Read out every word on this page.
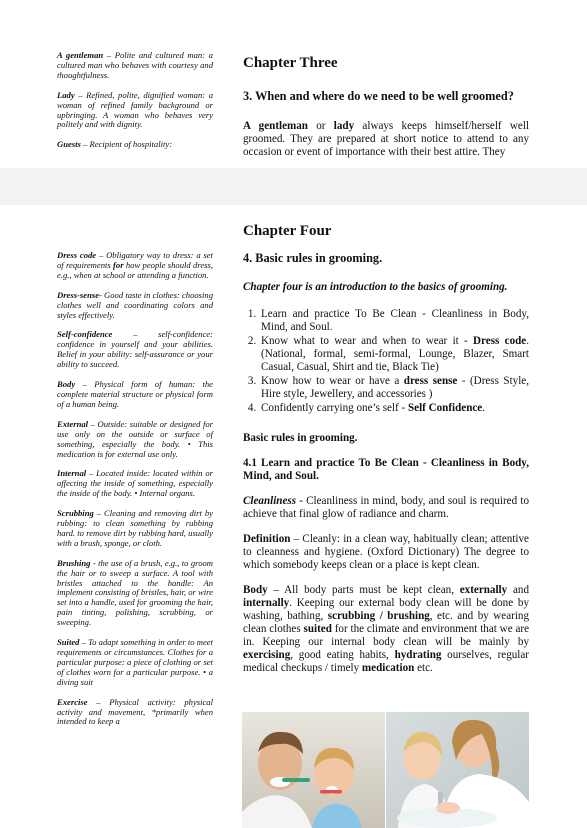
A gentleman – Polite and cultured man: a cultured man who behaves with courtesy and thoughtfulness.

Lady – Refined, polite, dignified woman: a woman of refined family background or upbringing. A woman who behaves very politely and with dignity.

Guests – Recipient of hospitality:

Chapter Three
3. When and where do we need to be well groomed?

A gentleman or lady always keeps himself/herself well groomed. They are prepared at short notice to attend to any occasion or event of importance with their best attire. They

Dress code – Obligatory way to dress: a set of requirements for how people should dress, e.g., when at school or attending a function.

Dress-sense- Good taste in clothes: choosing clothes well and coordinating colors and styles effectively.

Self-confidence – self-confidence: confidence in yourself and your abilities. Belief in your ability: self-assurance or your ability to succeed.

Body – Physical form of human: the complete material structure or physical form of a human being.

External – Outside: suitable or designed for use only on the outside or surface of something, especially the body. • This medication is for external use only.

Internal – Located inside: located within or affecting the inside of something, especially the inside of the body. • Internal organs.

Scrubbing – Cleaning and removing dirt by rubbing: to clean something by rubbing hard. to remove dirt by rubbing hard, usually with a brush, sponge, or cloth.

Brushing - the use of a brush, e.g., to groom the hair or to sweep a surface. A tool with bristles attached to the handle: An implement consisting of bristles, hair, or wire set into a handle, used for grooming the hair, pain tinting, polishing, scrubbing, or sweeping.

Suited – To adapt something in order to meet requirements or circumstances. Clothes for a particular purpose: a piece of clothing or set of clothes worn for a particular purpose. • a diving suit

Exercise – Physical activity: physical activity and movement, *primarily when intended to keep a

Chapter Four
4. Basic rules in grooming.

Chapter four is an introduction to the basics of grooming.

1. Learn and practice To Be Clean - Cleanliness in Body, Mind, and Soul.
2. Know what to wear and when to wear it - Dress code. (National, formal, semi-formal, Lounge, Blazer, Smart Casual, Casual, Shirt and tie, Black Tie)
3. Know how to wear or have a dress sense - (Dress Style, Hire style, Jewellery, and accessories )
4. Confidently carrying one’s self - Self Confidence.

Basic rules in grooming.

4.1 Learn and practice To Be Clean - Cleanliness in Body, Mind, and Soul.

Cleanliness - Cleanliness in mind, body, and soul is required to achieve that final glow of radiance and charm.

Definition – Cleanly: in a clean way, habitually clean; attentive to cleanness and hygiene. (Oxford Dictionary) The degree to which somebody keeps clean or a place is kept clean.

Body – All body parts must be kept clean, externally and internally. Keeping our external body clean will be done by washing, bathing, scrubbing / brushing, etc. and by wearing clean clothes suited for the climate and environment that we are in. Keeping our internal body clean will be mainly by exercising, good eating habits, hydrating ourselves, regular medical checkups / timely medication etc.
